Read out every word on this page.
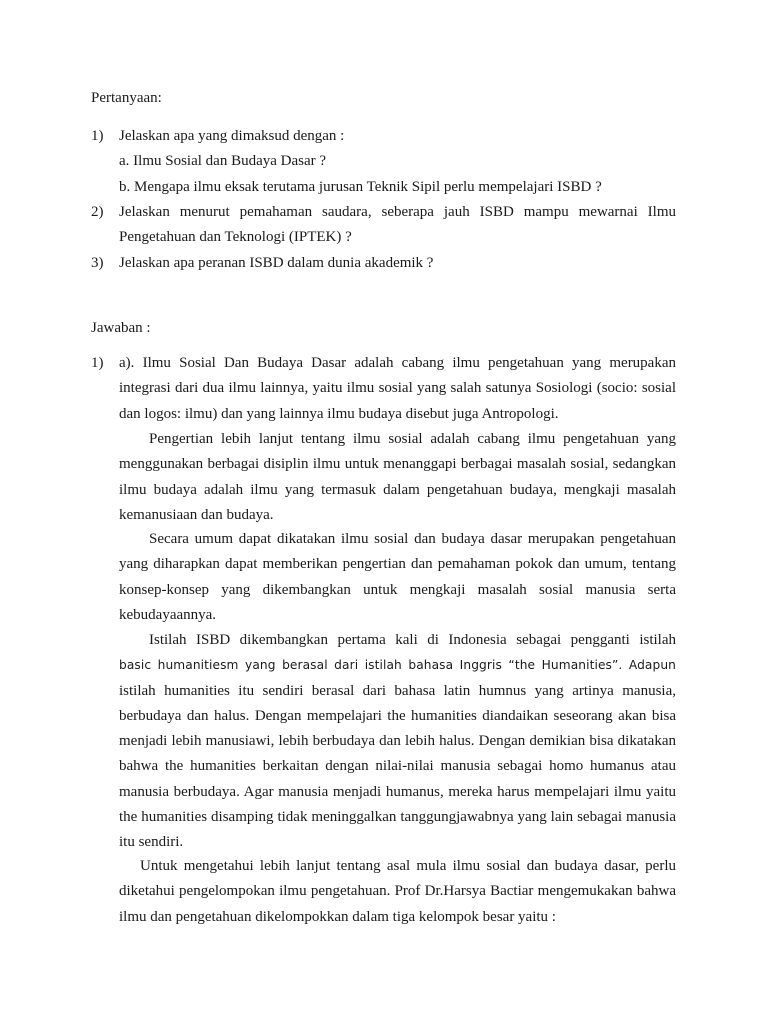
Pertanyaan:

1) Jelaskan apa yang dimaksud dengan :

a. Ilmu Sosial dan Budaya Dasar ?

b. Mengapa ilmu eksak terutama jurusan Teknik Sipil perlu mempelajari ISBD ?

2) Jelaskan menurut pemahaman saudara, seberapa jauh ISBD mampu mewarnai Ilmu Pengetahuan dan Teknologi (IPTEK) ?

3) Jelaskan apa peranan ISBD dalam dunia akademik ?

Jawaban :

1) a). Ilmu Sosial Dan Budaya Dasar adalah cabang ilmu pengetahuan yang merupakan integrasi dari dua ilmu lainnya, yaitu ilmu sosial yang salah satunya Sosiologi (socio: sosial dan logos: ilmu) dan yang lainnya ilmu budaya disebut juga Antropologi.

Pengertian lebih lanjut tentang ilmu sosial adalah cabang ilmu pengetahuan yang menggunakan berbagai disiplin ilmu untuk menanggapi berbagai masalah sosial, sedangkan ilmu budaya adalah ilmu yang termasuk dalam pengetahuan budaya, mengkaji masalah kemanusiaan dan budaya.

Secara umum dapat dikatakan ilmu sosial dan budaya dasar merupakan pengetahuan yang diharapkan dapat memberikan pengertian dan pemahaman pokok dan umum, tentang konsep-konsep yang dikembangkan untuk mengkaji masalah sosial manusia serta kebudayaannya.

Istilah ISBD dikembangkan pertama kali di Indonesia sebagai pengganti istilah

basic humanitiesm yang berasal dari istilah bahasa Inggris “the Humanities”. Adapun

istilah humanities itu sendiri berasal dari bahasa latin humnus yang artinya manusia, berbudaya dan halus. Dengan mempelajari the humanities diandaikan seseorang akan bisa menjadi lebih manusiawi, lebih berbudaya dan lebih halus. Dengan demikian bisa dikatakan bahwa the humanities berkaitan dengan nilai-nilai manusia sebagai homo humanus atau manusia berbudaya. Agar manusia menjadi humanus, mereka harus mempelajari ilmu yaitu the humanities disamping tidak meninggalkan tanggungjawabnya yang lain sebagai manusia itu sendiri.

Untuk mengetahui lebih lanjut tentang asal mula ilmu sosial dan budaya dasar, perlu diketahui pengelompokan ilmu pengetahuan. Prof Dr.Harsya Bactiar mengemukakan bahwa ilmu dan pengetahuan dikelompokkan dalam tiga kelompok besar yaitu :
